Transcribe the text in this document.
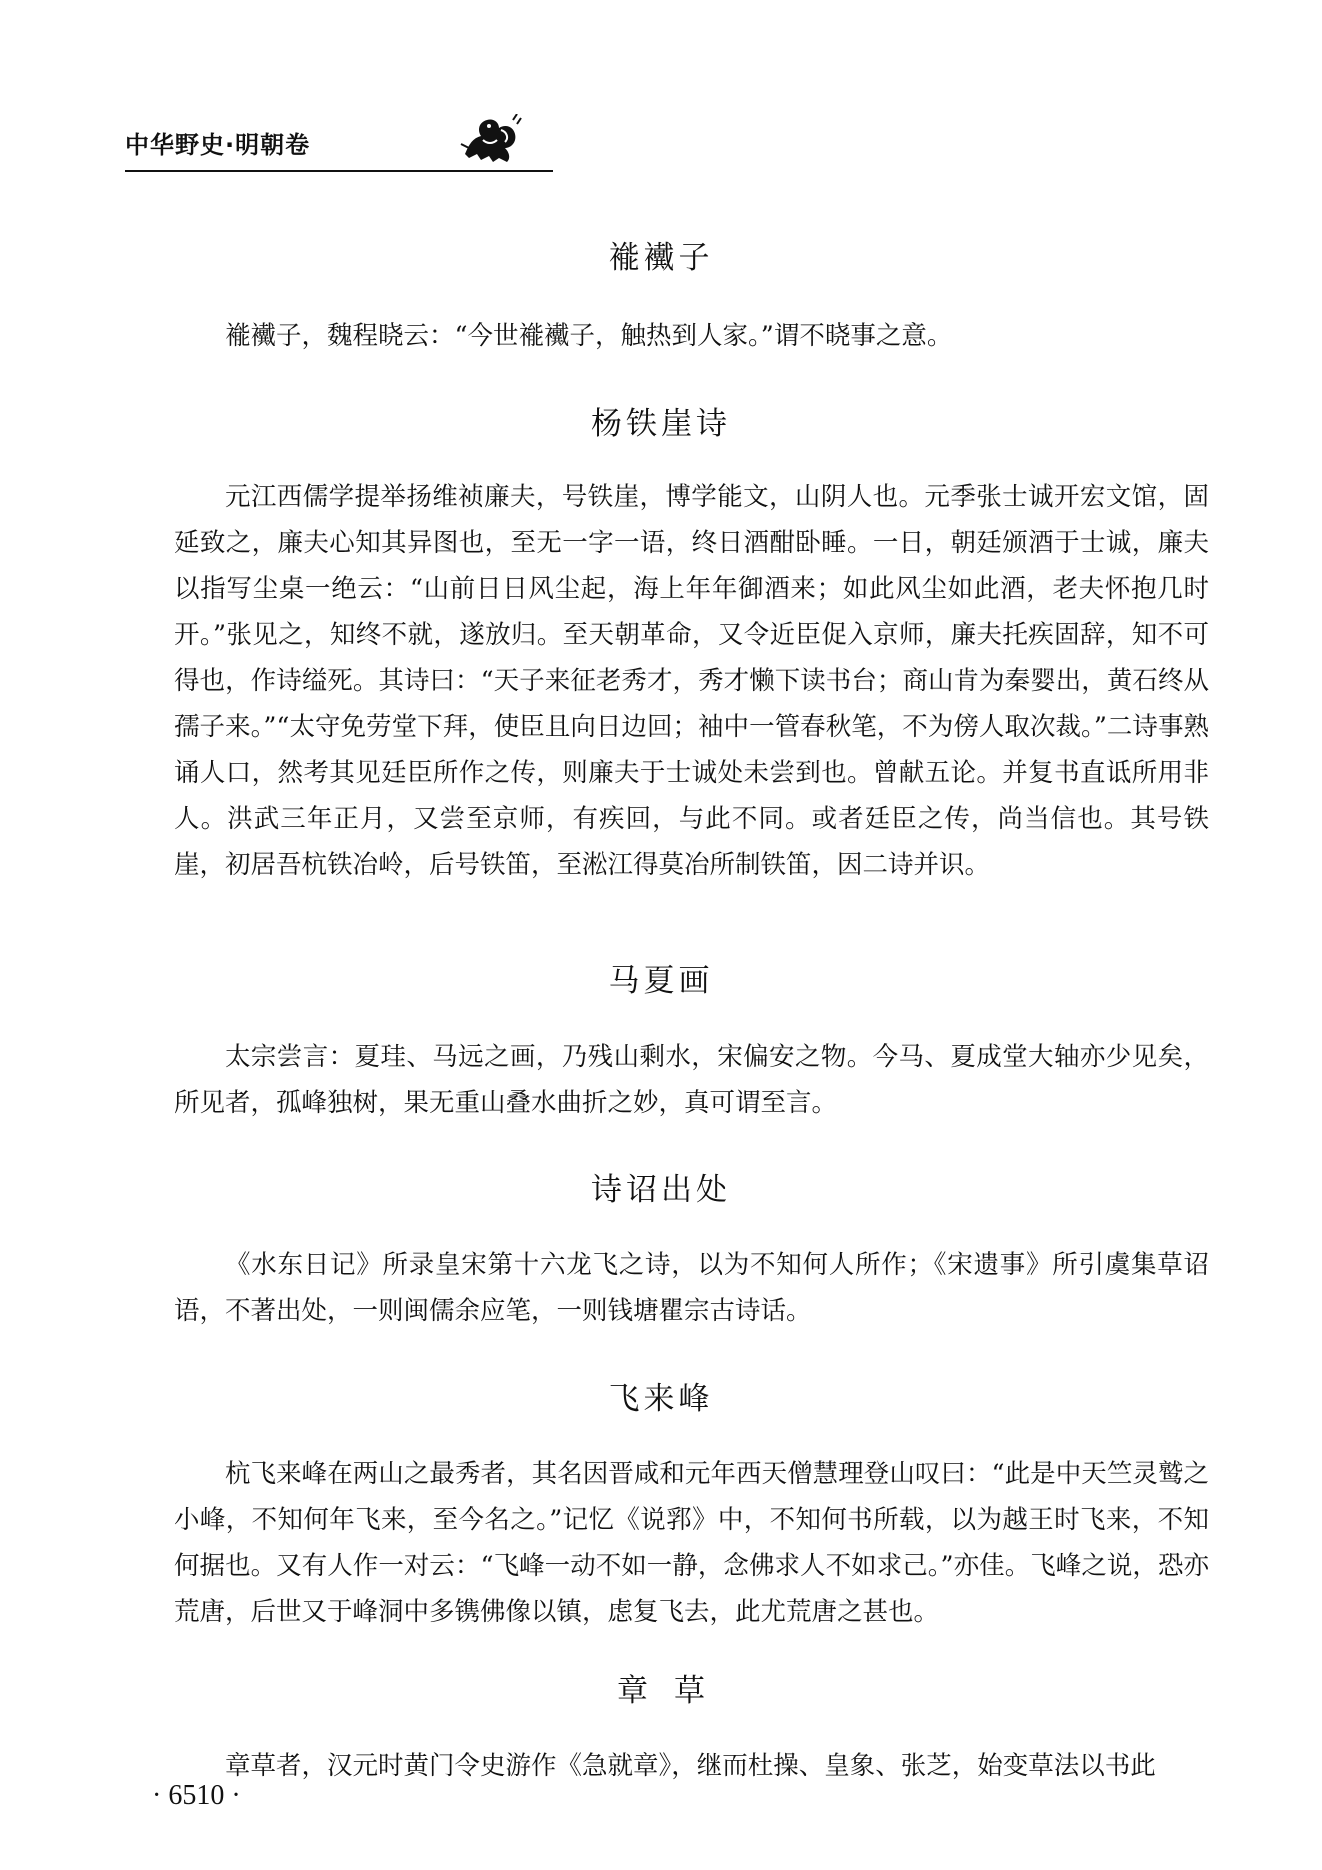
中华野史·明朝卷
褦襶子

褦襶子，魏程晓云：“今世褦襶子，触热到人家。”谓不晓事之意。

杨铁崖诗

元江西儒学提举扬维祯廉夫，号铁崖，博学能文，山阴人也。元季张士诚开宏文馆，固延致之，廉夫心知其异图也，至无一字一语，终日酒酣卧睡。一日，朝廷颁酒于士诚，廉夫以指写尘桌一绝云：“山前日日风尘起，海上年年御酒来；如此风尘如此酒，老夫怀抱几时开。”张见之，知终不就，遂放归。至天朝革命，又令近臣促入京师，廉夫托疾固辞，知不可得也，作诗缢死。其诗曰：“天子来征老秀才，秀才懒下读书台；商山肯为秦婴出，黄石终从孺子来。”“太守免劳堂下拜，使臣且向日边回；袖中一管春秋笔，不为傍人取次裁。”二诗事熟诵人口，然考其见廷臣所作之传，则廉夫于士诚处未尝到也。曾献五论。并复书直诋所用非人。洪武三年正月，又尝至京师，有疾回，与此不同。或者廷臣之传，尚当信也。其号铁崖，初居吾杭铁冶岭，后号铁笛，至淞江得莫冶所制铁笛，因二诗并识。

马夏画

太宗尝言：夏珪、马远之画，乃残山剩水，宋偏安之物。今马、夏成堂大轴亦少见矣，所见者，孤峰独树，果无重山叠水曲折之妙，真可谓至言。

诗诏出处

《水东日记》所录皇宋第十六龙飞之诗，以为不知何人所作；《宋遗事》所引虞集草诏语，不著出处，一则闽儒余应笔，一则钱塘瞿宗古诗话。

飞来峰

杭飞来峰在两山之最秀者，其名因晋咸和元年西天僧慧理登山叹曰：“此是中天竺灵鹫之小峰，不知何年飞来，至今名之。”记忆《说郛》中，不知何书所载，以为越王时飞来，不知何据也。又有人作一对云：“飞峰一动不如一静，念佛求人不如求己。”亦佳。飞峰之说，恐亦荒唐，后世又于峰洞中多镌佛像以镇，虑复飞去，此尤荒唐之甚也。

章草

章草者，汉元时黄门令史游作《急就章》，继而杜操、皇象、张芝，始变草法以书此

· 6510 ·
